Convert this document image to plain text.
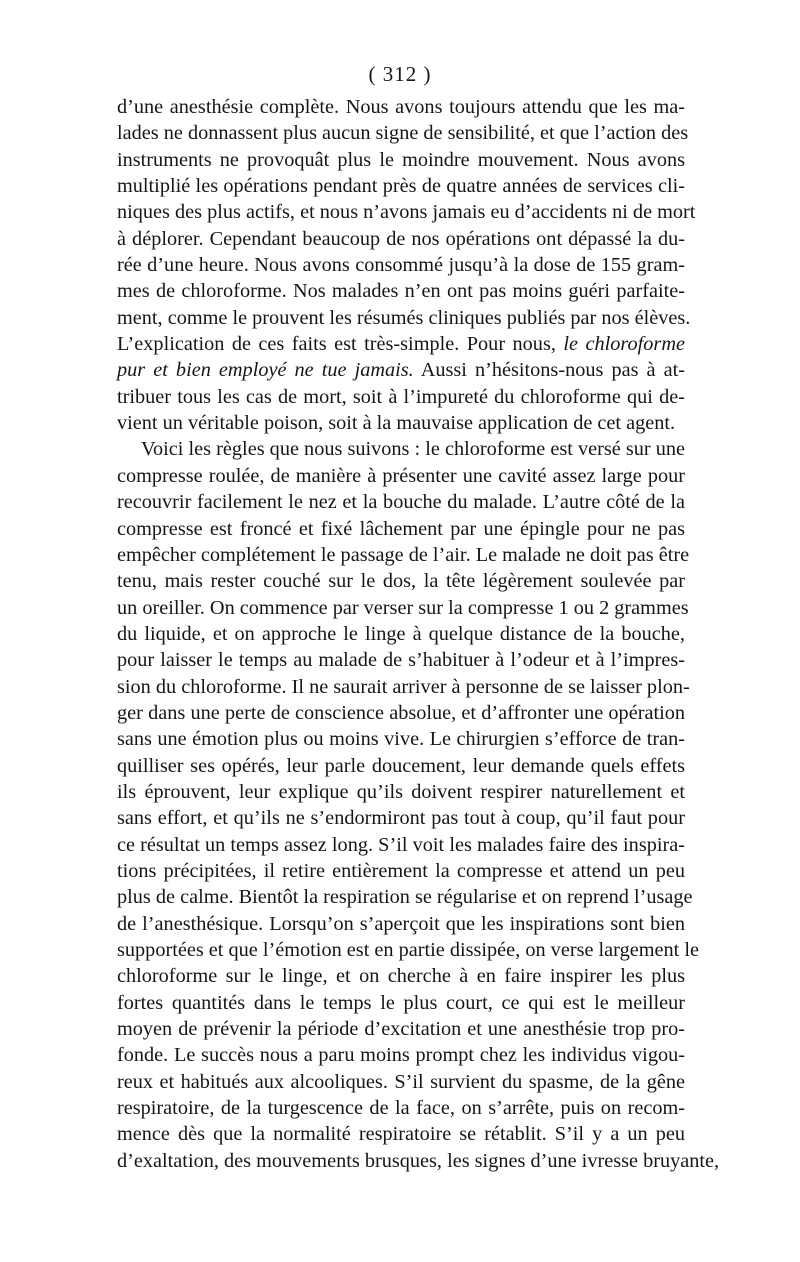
( 312 )
d’une anesthésie complète. Nous avons toujours attendu que les ma-
lades ne donnassent plus aucun signe de sensibilité, et que l’action des
instruments ne provoquât plus le moindre mouvement. Nous avons
multiplié les opérations pendant près de quatre années de services cli-
niques des plus actifs, et nous n’avons jamais eu d’accidents ni de mort
à déplorer. Cependant beaucoup de nos opérations ont dépassé la du-
rée d’une heure. Nous avons consommé jusqu’à la dose de 155 gram-
mes de chloroforme. Nos malades n’en ont pas moins guéri parfaite-
ment, comme le prouvent les résumés cliniques publiés par nos élèves.
L’explication de ces faits est très-simple. Pour nous, le chloroforme
pur et bien employé ne tue jamais. Aussi n’hésitons-nous pas à at-
tribuer tous les cas de mort, soit à l’impureté du chloroforme qui de-
vient un véritable poison, soit à la mauvaise application de cet agent.
Voici les règles que nous suivons : le chloroforme est versé sur une
compresse roulée, de manière à présenter une cavité assez large pour
recouvrir facilement le nez et la bouche du malade. L’autre côté de la
compresse est froncé et fixé lâchement par une épingle pour ne pas
empêcher complétement le passage de l’air. Le malade ne doit pas être
tenu, mais rester couché sur le dos, la tête légèrement soulevée par
un oreiller. On commence par verser sur la compresse 1 ou 2 grammes
du liquide, et on approche le linge à quelque distance de la bouche,
pour laisser le temps au malade de s’habituer à l’odeur et à l’impres-
sion du chloroforme. Il ne saurait arriver à personne de se laisser plon-
ger dans une perte de conscience absolue, et d’affronter une opération
sans une émotion plus ou moins vive. Le chirurgien s’efforce de tran-
quilliser ses opérés, leur parle doucement, leur demande quels effets
ils éprouvent, leur explique qu’ils doivent respirer naturellement et
sans effort, et qu’ils ne s’endormiront pas tout à coup, qu’il faut pour
ce résultat un temps assez long. S’il voit les malades faire des inspira-
tions précipitées, il retire entièrement la compresse et attend un peu
plus de calme. Bientôt la respiration se régularise et on reprend l’usage
de l’anesthésique. Lorsqu’on s’aperçoit que les inspirations sont bien
supportées et que l’émotion est en partie dissipée, on verse largement le
chloroforme sur le linge, et on cherche à en faire inspirer les plus
fortes quantités dans le temps le plus court, ce qui est le meilleur
moyen de prévenir la période d’excitation et une anesthésie trop pro-
fonde. Le succès nous a paru moins prompt chez les individus vigou-
reux et habitués aux alcooliques. S’il survient du spasme, de la gêne
respiratoire, de la turgescence de la face, on s’arrête, puis on recom-
mence dès que la normalité respiratoire se rétablit. S’il y a un peu
d’exaltation, des mouvements brusques, les signes d’une ivresse bruyante,
